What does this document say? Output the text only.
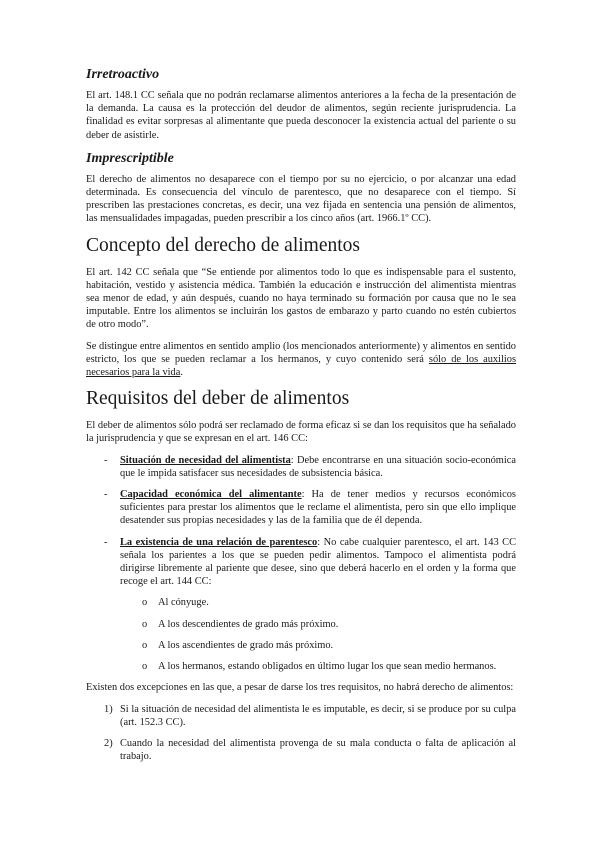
Irretroactivo

El art. 148.1 CC señala que no podrán reclamarse alimentos anteriores a la fecha de la presentación de la demanda. La causa es la protección del deudor de alimentos, según reciente jurisprudencia. La finalidad es evitar sorpresas al alimentante que pueda desconocer la existencia actual del pariente o su deber de asistirle.

Imprescriptible

El derecho de alimentos no desaparece con el tiempo por su no ejercicio, o por alcanzar una edad determinada. Es consecuencia del vínculo de parentesco, que no desaparece con el tiempo. Sí prescriben las prestaciones concretas, es decir, una vez fijada en sentencia una pensión de alimentos, las mensualidades impagadas, pueden prescribir a los cinco años (art. 1966.1º CC).

Concepto del derecho de alimentos

El art. 142 CC señala que “Se entiende por alimentos todo lo que es indispensable para el sustento, habitación, vestido y asistencia médica. También la educación e instrucción del alimentista mientras sea menor de edad, y aún después, cuando no haya terminado su formación por causa que no le sea imputable. Entre los alimentos se incluirán los gastos de embarazo y parto cuando no estén cubiertos de otro modo”.

Se distingue entre alimentos en sentido amplio (los mencionados anteriormente) y alimentos en sentido estricto, los que se pueden reclamar a los hermanos, y cuyo contenido será sólo de los auxilios necesarios para la vida.

Requisitos del deber de alimentos

El deber de alimentos sólo podrá ser reclamado de forma eficaz si se dan los requisitos que ha señalado la jurisprudencia y que se expresan en el art. 146 CC:

- Situación de necesidad del alimentista: Debe encontrarse en una situación socio-económica que le impida satisfacer sus necesidades de subsistencia básica.
- Capacidad económica del alimentante: Ha de tener medios y recursos económicos suficientes para prestar los alimentos que le reclame el alimentista, pero sin que ello implique desatender sus propias necesidades y las de la familia que de él dependa.
- La existencia de una relación de parentesco: No cabe cualquier parentesco, el art. 143 CC señala los parientes a los que se pueden pedir alimentos. Tampoco el alimentista podrá dirigirse libremente al pariente que desee, sino que deberá hacerlo en el orden y la forma que recoge el art. 144 CC:
o Al cónyuge.
o A los descendientes de grado más próximo.
o A los ascendientes de grado más próximo.
o A los hermanos, estando obligados en último lugar los que sean medio hermanos.

Existen dos excepciones en las que, a pesar de darse los tres requisitos, no habrá derecho de alimentos:

1) Si la situación de necesidad del alimentista le es imputable, es decir, si se produce por su culpa (art. 152.3 CC).
2) Cuando la necesidad del alimentista provenga de su mala conducta o falta de aplicación al trabajo.
